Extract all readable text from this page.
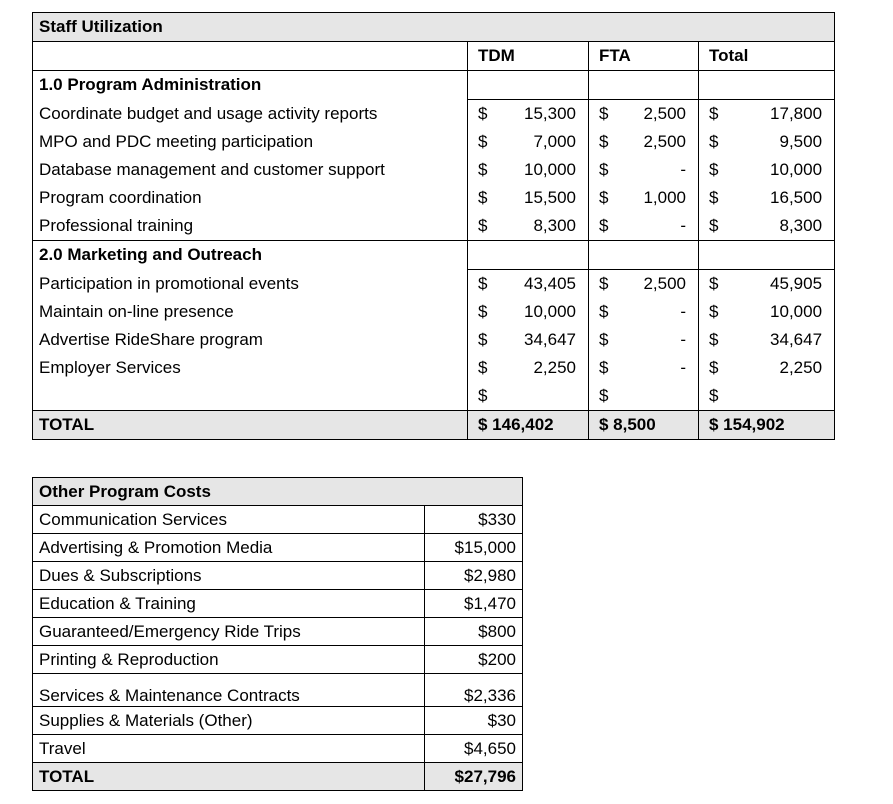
Staff Utilization			
	TDM	FTA	Total
1.0 Program Administration			
Coordinate budget and usage activity reports	$ 15,300	$ 2,500	$ 17,800

MPO and PDC meeting participation	$ 7,000	$ 2,500	$ 9,500

Database management and customer support	$ 10,000	$ -	$ 10,000

Program coordination	$ 15,500	$ 1,000	$ 16,500

Professional training	$ 8,300	$ -	$ 8,300

2.0 Marketing and Outreach			
Participation in promotional events	$ 43,405	$ 2,500	$ 45,905

Maintain on-line presence	$ 10,000	$ -	$ 10,000

Advertise RideShare program	$ 34,647	$ -	$ 34,647

Employer Services	$ 2,250	$ -	$ 2,250

	$	$	$

TOTAL	$ 146,402	$ 8,500	$ 154,902
Other Program Costs	
Communication Services	$330
Advertising & Promotion Media	$15,000
Dues & Subscriptions	$2,980
Education & Training	$1,470
Guaranteed/Emergency Ride Trips	$800
Printing & Reproduction	$200
Services & Maintenance Contracts	$2,336
Supplies & Materials (Other)	$30
Travel	$4,650
TOTAL	$27,796
